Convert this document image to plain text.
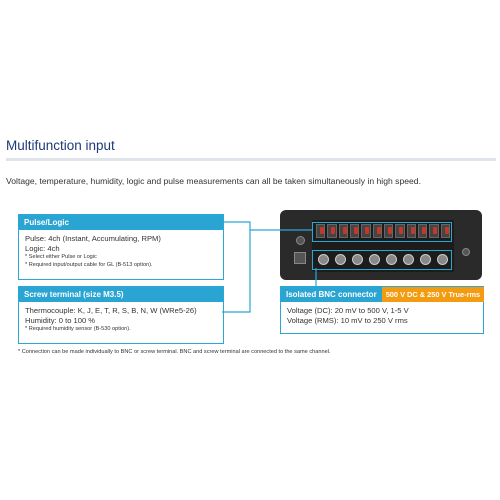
Multifunction input
Voltage, temperature, humidity, logic and pulse measurements can all be taken simultaneously in high speed.
Pulse/Logic
Pulse: 4ch (Instant, Accumulating, RPM)
Logic: 4ch
* Select either Pulse or Logic
* Required input/output cable for GL (B-513 option).
Screw terminal (size M3.5)
Thermocouple: K, J, E, T, R, S, B, N, W (WRe5-26)
Humidity: 0 to 100 %
* Required humidity sensor (B-530 option).
Isolated BNC connector	500 V DC & 250 V True-rms
Voltage (DC): 20 mV to 500 V, 1-5 V
Voltage (RMS): 10 mV to 250 V rms
* Connection can be made individually to BNC or screw terminal. BNC and screw terminal are connected to the same channel.
